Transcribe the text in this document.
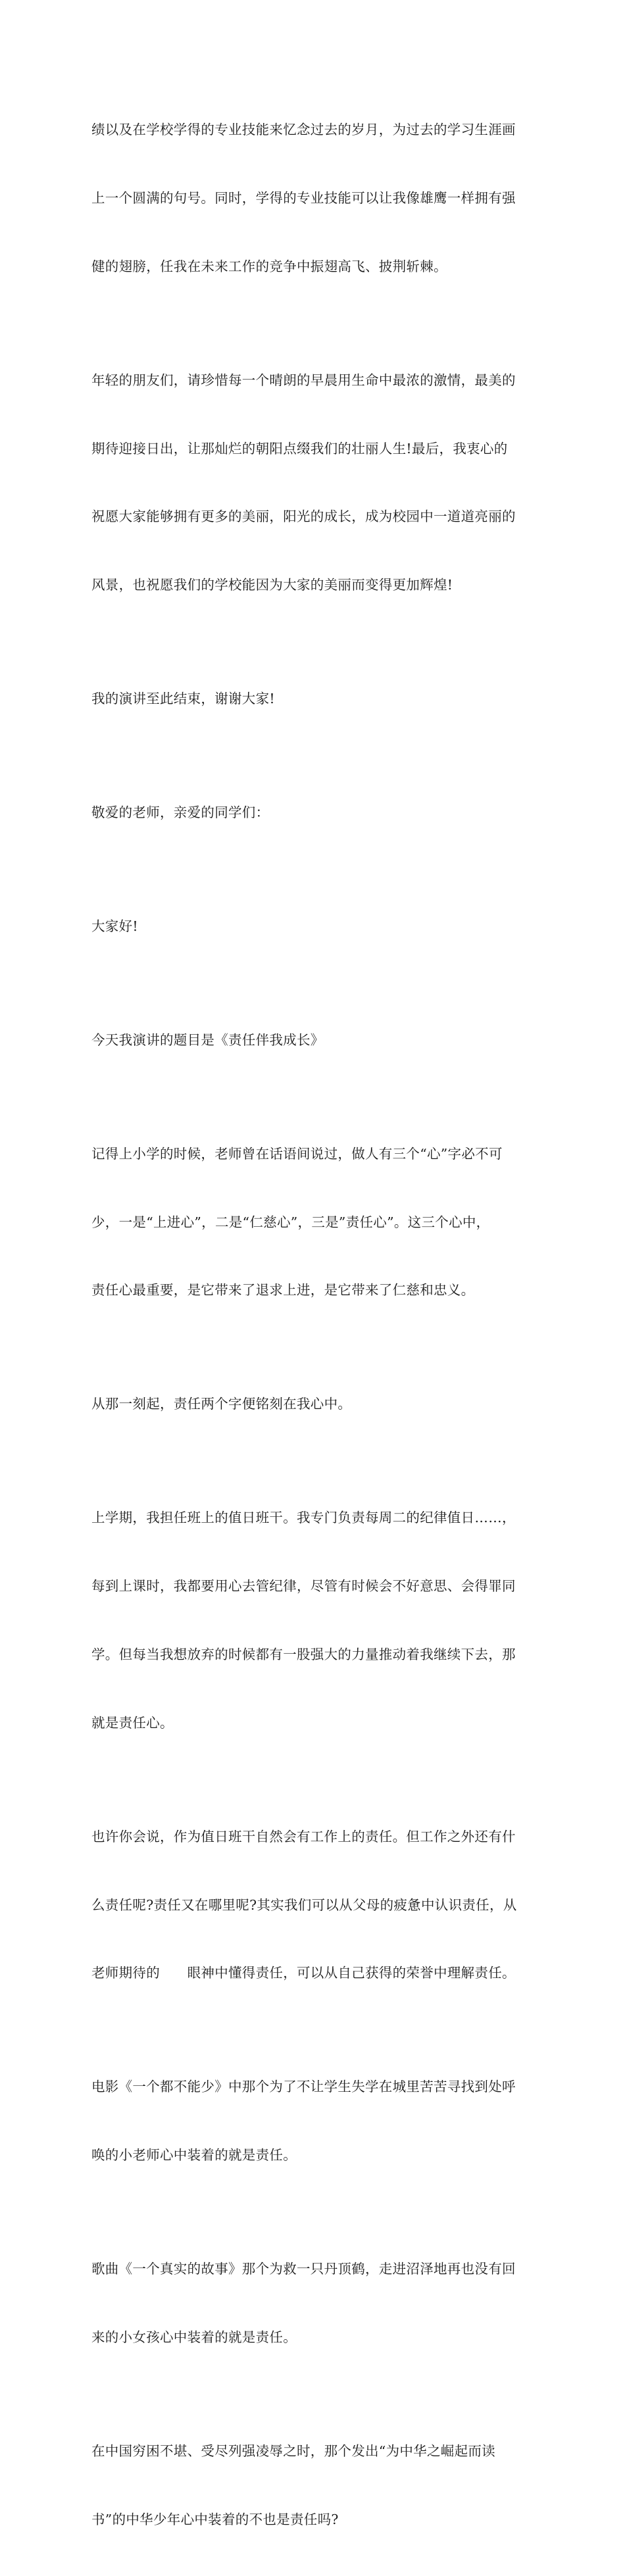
绩以及在学校学得的专业技能来忆念过去的岁月，为过去的学习生涯画

上一个圆满的句号。同时，学得的专业技能可以让我像雄鹰一样拥有强

健的翅膀，任我在未来工作的竞争中振翅高飞、披荆斩棘。

年轻的朋友们，请珍惜每一个晴朗的早晨用生命中最浓的激情，最美的

期待迎接日出，让那灿烂的朝阳点缀我们的壮丽人生!最后，我衷心的

祝愿大家能够拥有更多的美丽，阳光的成长，成为校园中一道道亮丽的

风景，也祝愿我们的学校能因为大家的美丽而变得更加辉煌!

我的演讲至此结束，谢谢大家!

敬爱的老师，亲爱的同学们：

大家好!

今天我演讲的题目是《责任伴我成长》

记得上小学的时候，老师曾在话语间说过，做人有三个“心”字必不可

少，一是“上进心”，二是“仁慈心”，三是”责任心”。这三个心中，

责任心最重要，是它带来了退求上进，是它带来了仁慈和忠义。

从那一刻起，责任两个字便铭刻在我心中。

上学期，我担任班上的值日班干。我专门负责每周二的纪律值日……，

每到上课时，我都要用心去管纪律，尽管有时候会不好意思、会得罪同

学。但每当我想放弃的时候都有一股强大的力量推动着我继续下去，那

就是责任心。

也许你会说，作为值日班干自然会有工作上的责任。但工作之外还有什

么责任呢?责任又在哪里呢?其实我们可以从父母的疲惫中认识责任，从

老师期待的　　眼神中懂得责任，可以从自己获得的荣誉中理解责任。

电影《一个都不能少》中那个为了不让学生失学在城里苦苦寻找到处呼

唤的小老师心中装着的就是责任。

歌曲《一个真实的故事》那个为救一只丹顶鹤，走进沼泽地再也没有回

来的小女孩心中装着的就是责任。

在中国穷困不堪、受尽列强凌辱之时，那个发出“为中华之崛起而读

书”的中华少年心中装着的不也是责任吗?
